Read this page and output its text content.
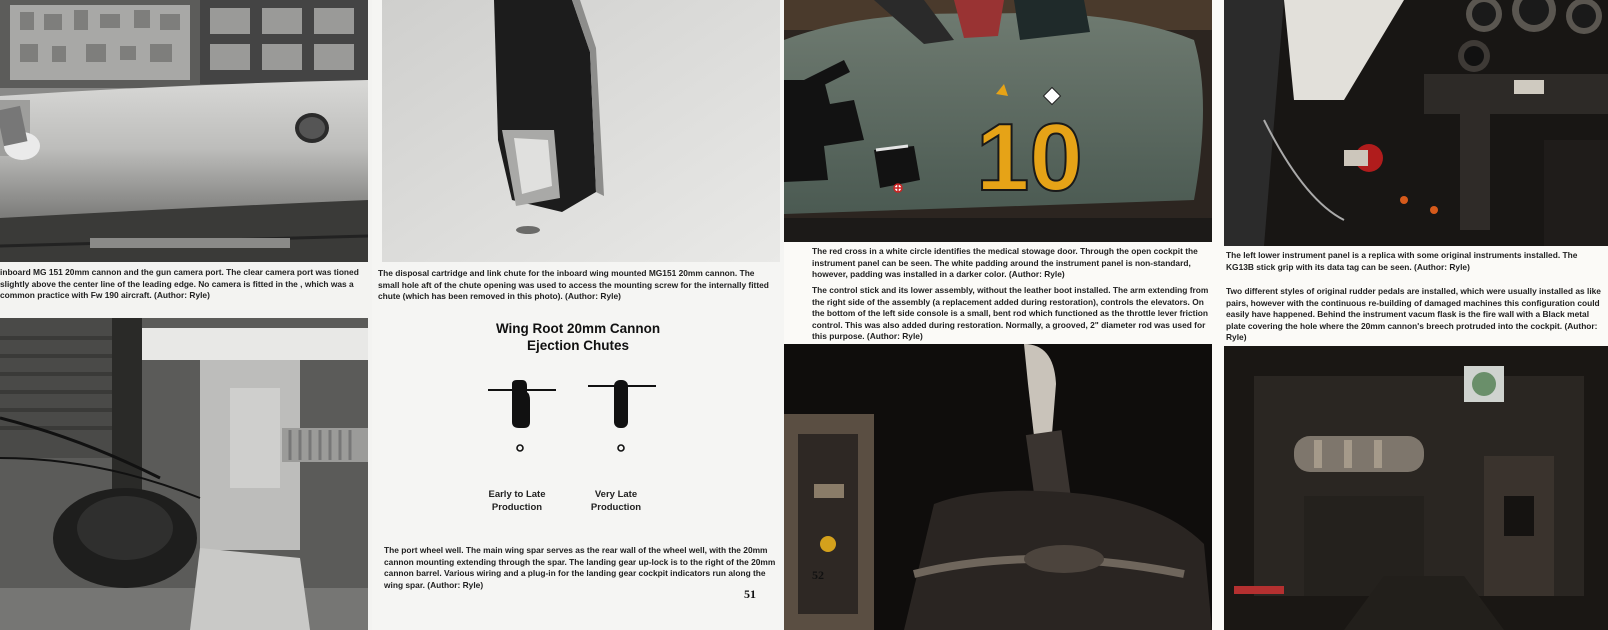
inboard MG 151 20mm cannon and the gun camera port. The clear camera port was tioned slightly above the center line of the leading edge. No camera is fitted in the , which was a common practice with Fw 190 aircraft. (Author: Ryle)
The disposal cartridge and link chute for the inboard wing mounted MG151 20mm cannon. The small hole aft of the chute opening was used to access the mounting screw for the internally fitted chute (which has been removed in this photo). (Author: Ryle)
Wing Root 20mm Cannon
Ejection Chutes
Early to Late
Production
Very Late
Production
The port wheel well. The main wing spar serves as the rear wall of the wheel well, with the 20mm cannon mounting extending through the spar. The landing gear up-lock is to the right of the 20mm cannon barrel. Various wiring and a plug-in for the landing gear cockpit indicators run along the wing spar. (Author: Ryle)
51
10
The red cross in a white circle identifies the medical stowage door. Through the open cockpit the instrument panel can be seen. The white padding around the instrument panel is non-standard, however, padding was installed in a darker color. (Author: Ryle)
The control stick and its lower assembly, without the leather boot installed. The arm extending from the right side of the assembly (a replacement added during restoration), controls the elevators. On the bottom of the left side console is a small, bent rod which functioned as the throttle lever friction control. This was also added during restoration. Normally, a grooved, 2" diameter rod was used for this purpose. (Author: Ryle)
52
The left lower instrument panel is a replica with some original instruments installed. The KG13B stick grip with its data tag can be seen. (Author: Ryle)
Two different styles of original rudder pedals are installed, which were usually installed as like pairs, however with the continuous re-building of damaged machines this configuration could easily have happened. Behind the instrument vacum flask is the fire wall with a Black metal plate covering the hole where the 20mm cannon's breech protruded into the cockpit. (Author: Ryle)
